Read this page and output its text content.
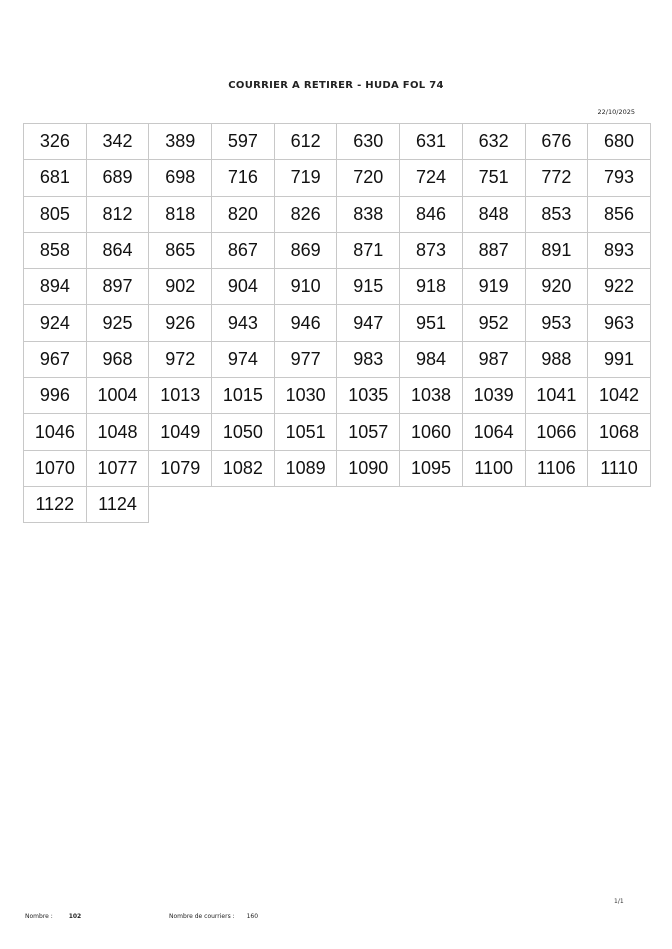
COURRIER A RETIRER - HUDA FOL 74
22/10/2025
326	342	389	597	612	630	631	632	676	680
681	689	698	716	719	720	724	751	772	793
805	812	818	820	826	838	846	848	853	856
858	864	865	867	869	871	873	887	891	893
894	897	902	904	910	915	918	919	920	922
924	925	926	943	946	947	951	952	953	963
967	968	972	974	977	983	984	987	988	991
996	1004	1013	1015	1030	1035	1038	1039	1041	1042
1046	1048	1049	1050	1051	1057	1060	1064	1066	1068
1070	1077	1079	1082	1089	1090	1095	1100	1106	1110
1122	1124
1/1
Nombre :	102	Nombre de courriers : 160
